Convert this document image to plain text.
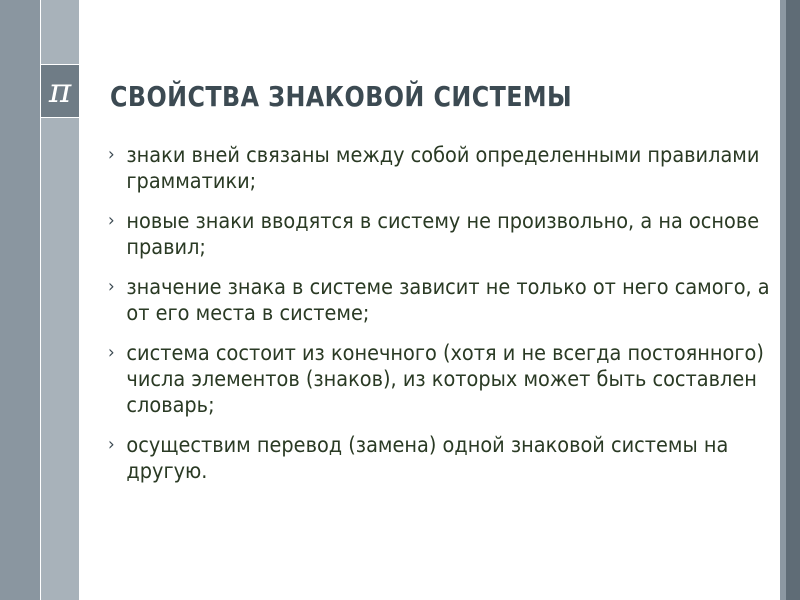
π СВОЙСТВА ЗНАКОВОЙ СИСТЕМЫ
› знаки вней связаны между собой определенными правилами грамматики;
› новые знаки вводятся в систему не произвольно, а на основе правил;
› значение знака в системе зависит не только от него самого, а от его места в системе;
› система состоит из конечного (хотя и не всегда постоянного) числа элементов (знаков), из которых может быть составлен словарь;
› осуществим перевод (замена) одной знаковой системы на другую.
